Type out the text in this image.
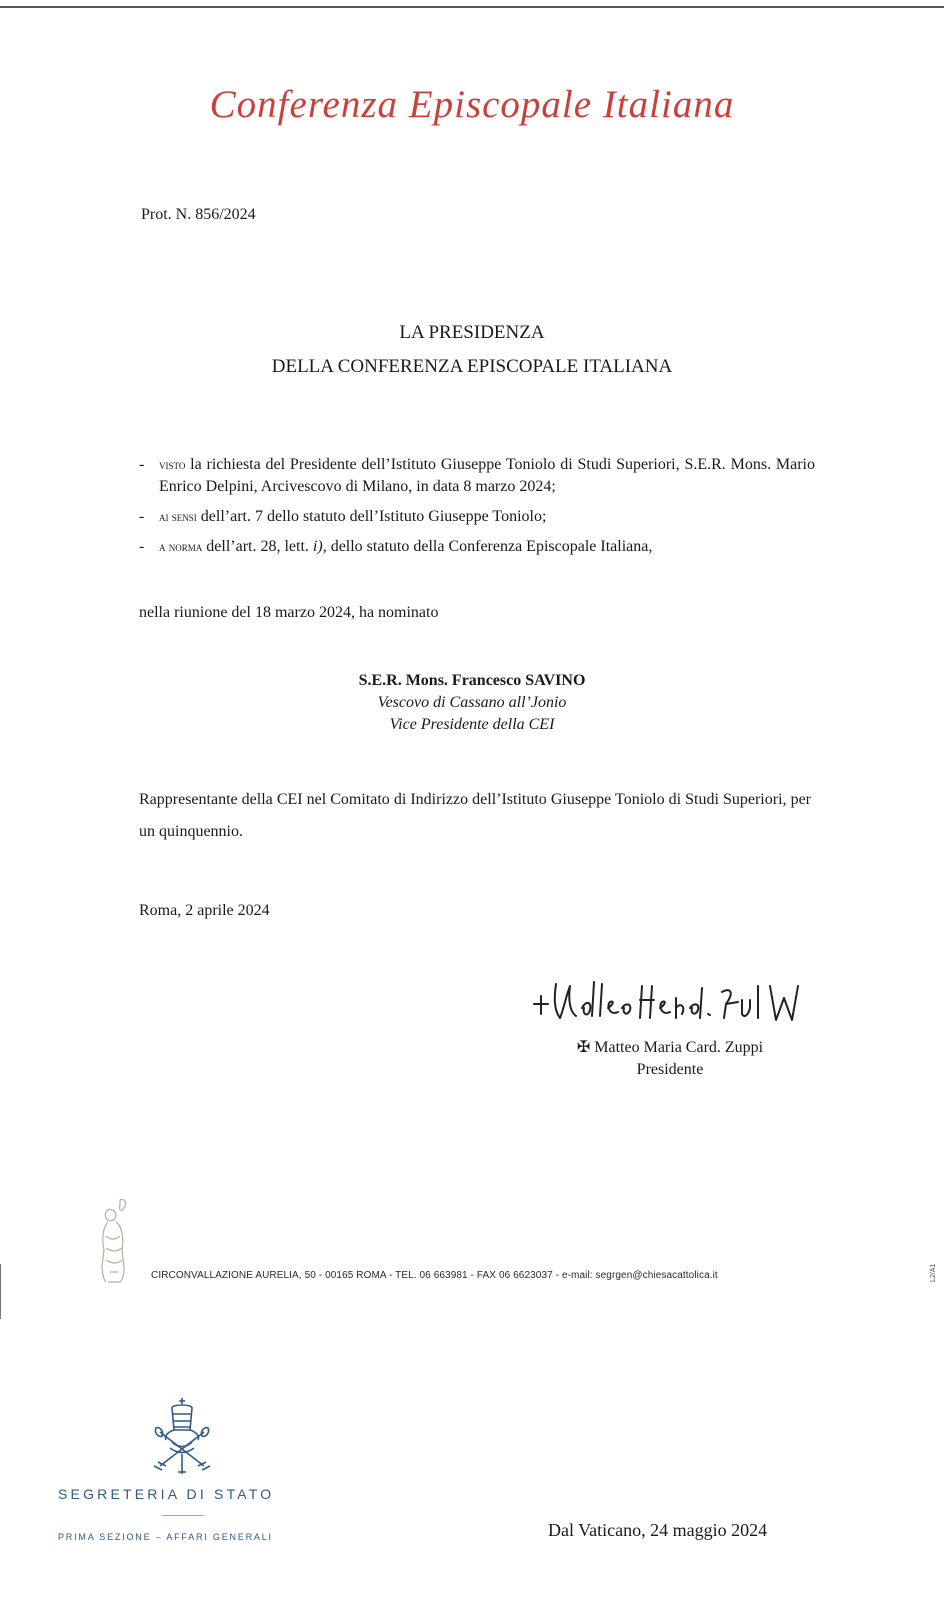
Conferenza Episcopale Italiana
Prot. N. 856/2024
LA PRESIDENZA
DELLA CONFERENZA EPISCOPALE ITALIANA
- visto la richiesta del Presidente dell’Istituto Giuseppe Toniolo di Studi Superiori, S.E.R. Mons. Mario Enrico Delpini, Arcivescovo di Milano, in data 8 marzo 2024;
- ai sensi dell’art. 7 dello statuto dell’Istituto Giuseppe Toniolo;
- a norma dell’art. 28, lett. i), dello statuto della Conferenza Episcopale Italiana,
nella riunione del 18 marzo 2024, ha nominato
S.E.R. Mons. Francesco SAVINO
Vescovo di Cassano all’Jonio
Vice Presidente della CEI
Rappresentante della CEI nel Comitato di Indirizzo dell’Istituto Giuseppe Toniolo di Studi Superiori, per un quinquennio.
Roma, 2 aprile 2024
✠ Matteo Maria Card. Zuppi
Presidente
CIRCONVALLAZIONE AURELIA, 50 - 00165 ROMA - TEL. 06 663981 - FAX 06 6623037 - e-mail: segrgen@chiesacattolica.it	L2/A1
SEGRETERIA DI STATO
PRIMA SEZIONE – AFFARI GENERALI	Dal Vaticano, 24 maggio 2024
